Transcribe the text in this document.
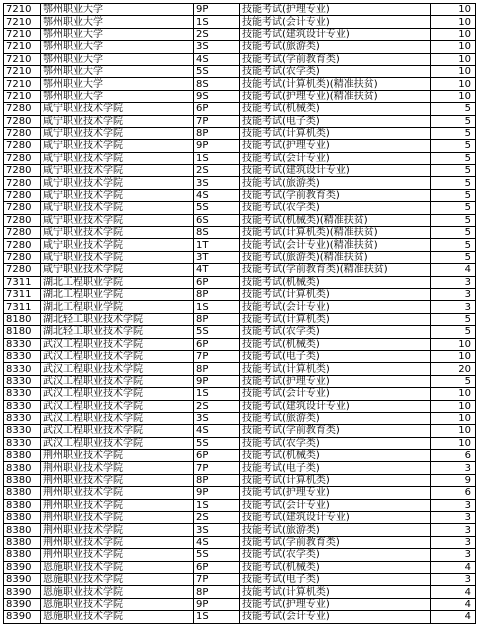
7210	鄂州职业大学	9P	技能考试(护理专业)	10
7210	鄂州职业大学	1S	技能考试(会计专业)	10
7210	鄂州职业大学	2S	技能考试(建筑设计专业)	10
7210	鄂州职业大学	3S	技能考试(旅游类)	10
7210	鄂州职业大学	4S	技能考试(学前教育类)	10
7210	鄂州职业大学	5S	技能考试(农学类)	10
7210	鄂州职业大学	8S	技能考试(计算机类)(精准扶贫)	10
7210	鄂州职业大学	9S	技能考试(护理专业)(精准扶贫)	10
7280	咸宁职业技术学院	6P	技能考试(机械类)	5
7280	咸宁职业技术学院	7P	技能考试(电子类)	5
7280	咸宁职业技术学院	8P	技能考试(计算机类)	5
7280	咸宁职业技术学院	9P	技能考试(护理专业)	5
7280	咸宁职业技术学院	1S	技能考试(会计专业)	5
7280	咸宁职业技术学院	2S	技能考试(建筑设计专业)	5
7280	咸宁职业技术学院	3S	技能考试(旅游类)	5
7280	咸宁职业技术学院	4S	技能考试(学前教育类)	5
7280	咸宁职业技术学院	5S	技能考试(农学类)	5
7280	咸宁职业技术学院	6S	技能考试(机械类)(精准扶贫)	5
7280	咸宁职业技术学院	8S	技能考试(计算机类)(精准扶贫)	5
7280	咸宁职业技术学院	1T	技能考试(会计专业)(精准扶贫)	5
7280	咸宁职业技术学院	3T	技能考试(旅游类)(精准扶贫)	5
7280	咸宁职业技术学院	4T	技能考试(学前教育类)(精准扶贫)	4
7311	湖北工程职业学院	6P	技能考试(机械类)	3
7311	湖北工程职业学院	8P	技能考试(计算机类)	3
7311	湖北工程职业学院	1S	技能考试(会计专业)	3
8180	湖北轻工职业技术学院	8P	技能考试(计算机类)	5
8180	湖北轻工职业技术学院	5S	技能考试(农学类)	5
8330	武汉工程职业技术学院	6P	技能考试(机械类)	10
8330	武汉工程职业技术学院	7P	技能考试(电子类)	10
8330	武汉工程职业技术学院	8P	技能考试(计算机类)	20
8330	武汉工程职业技术学院	9P	技能考试(护理专业)	5
8330	武汉工程职业技术学院	1S	技能考试(会计专业)	10
8330	武汉工程职业技术学院	2S	技能考试(建筑设计专业)	10
8330	武汉工程职业技术学院	3S	技能考试(旅游类)	10
8330	武汉工程职业技术学院	4S	技能考试(学前教育类)	10
8330	武汉工程职业技术学院	5S	技能考试(农学类)	10
8380	荆州职业技术学院	6P	技能考试(机械类)	6
8380	荆州职业技术学院	7P	技能考试(电子类)	3
8380	荆州职业技术学院	8P	技能考试(计算机类)	9
8380	荆州职业技术学院	9P	技能考试(护理专业)	6
8380	荆州职业技术学院	1S	技能考试(会计专业)	3
8380	荆州职业技术学院	2S	技能考试(建筑设计专业)	3
8380	荆州职业技术学院	3S	技能考试(旅游类)	3
8380	荆州职业技术学院	4S	技能考试(学前教育类)	3
8380	荆州职业技术学院	5S	技能考试(农学类)	3
8390	恩施职业技术学院	6P	技能考试(机械类)	4
8390	恩施职业技术学院	7P	技能考试(电子类)	3
8390	恩施职业技术学院	8P	技能考试(计算机类)	4
8390	恩施职业技术学院	9P	技能考试(护理专业)	4
8390	恩施职业技术学院	1S	技能考试(会计专业)	4
